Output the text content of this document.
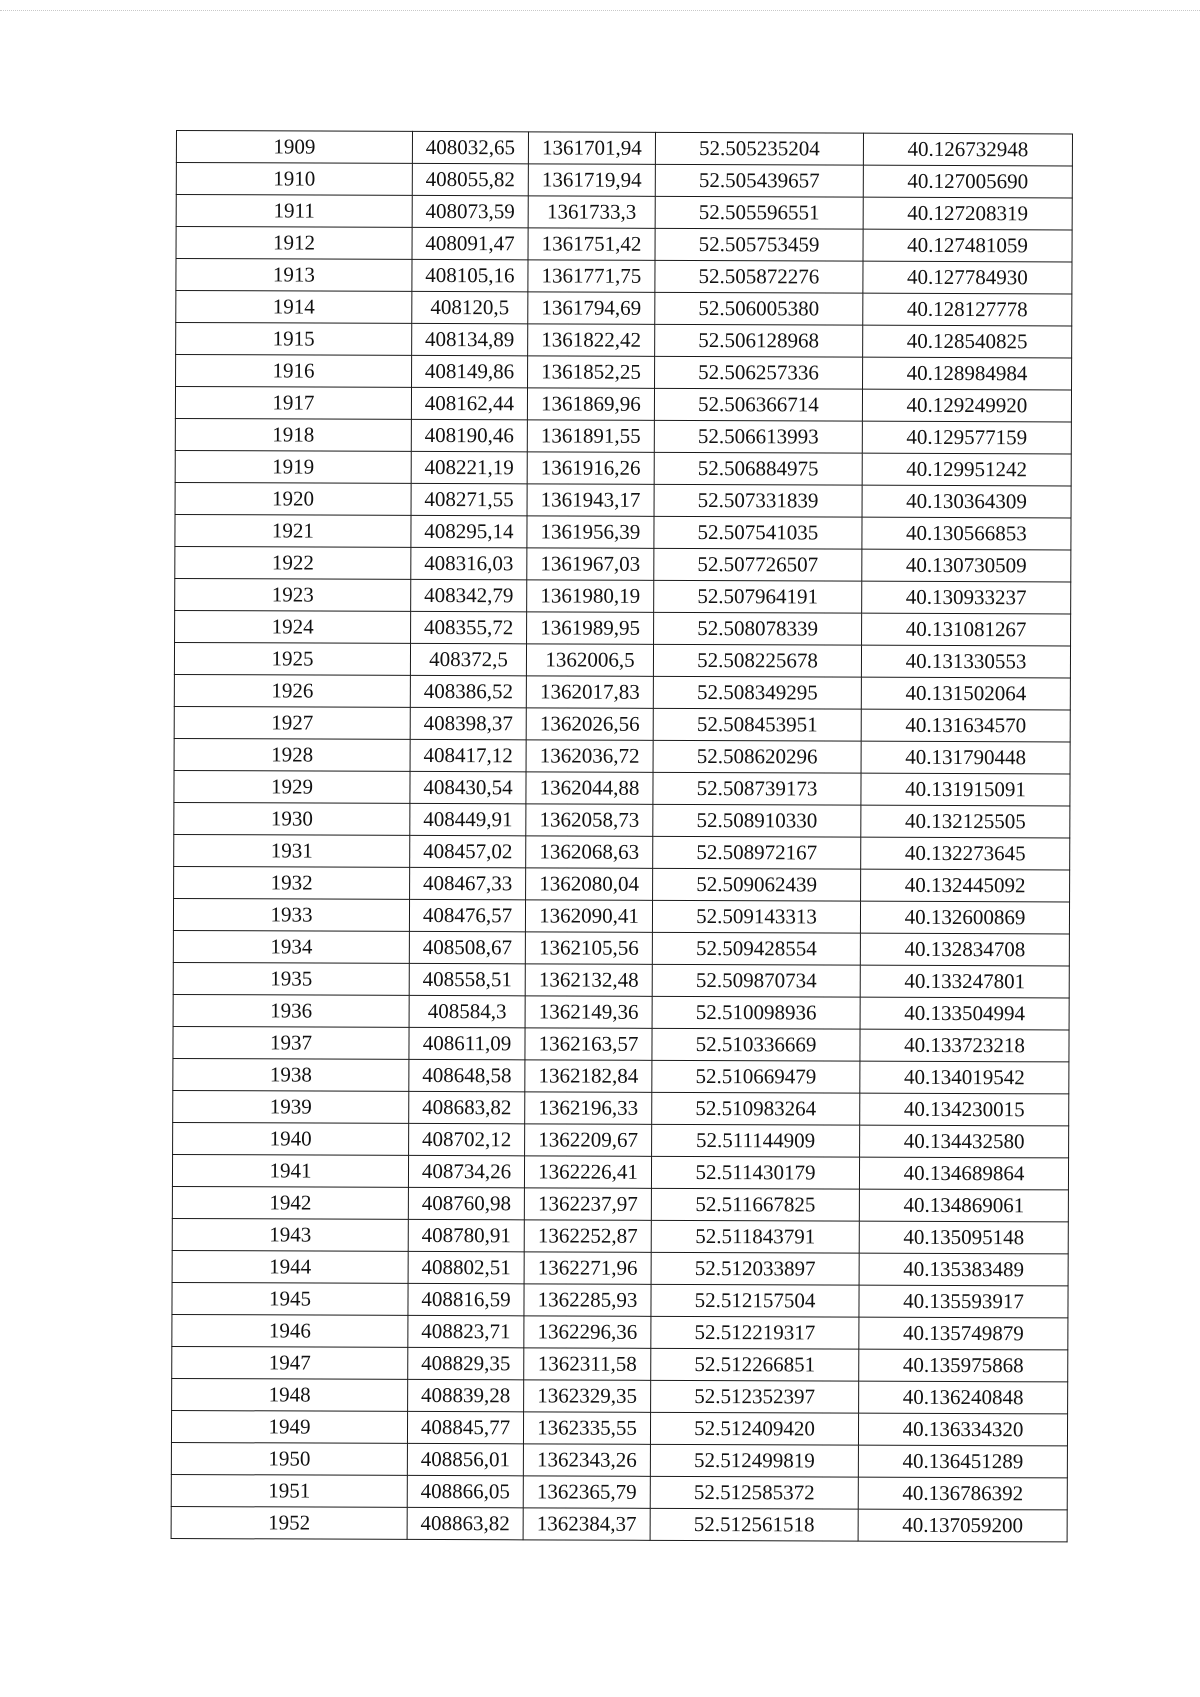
1909	408032,65	1361701,94	52.505235204	40.126732948
1910	408055,82	1361719,94	52.505439657	40.127005690
1911	408073,59	1361733,3	52.505596551	40.127208319
1912	408091,47	1361751,42	52.505753459	40.127481059
1913	408105,16	1361771,75	52.505872276	40.127784930
1914	408120,5	1361794,69	52.506005380	40.128127778
1915	408134,89	1361822,42	52.506128968	40.128540825
1916	408149,86	1361852,25	52.506257336	40.128984984
1917	408162,44	1361869,96	52.506366714	40.129249920
1918	408190,46	1361891,55	52.506613993	40.129577159
1919	408221,19	1361916,26	52.506884975	40.129951242
1920	408271,55	1361943,17	52.507331839	40.130364309
1921	408295,14	1361956,39	52.507541035	40.130566853
1922	408316,03	1361967,03	52.507726507	40.130730509
1923	408342,79	1361980,19	52.507964191	40.130933237
1924	408355,72	1361989,95	52.508078339	40.131081267
1925	408372,5	1362006,5	52.508225678	40.131330553
1926	408386,52	1362017,83	52.508349295	40.131502064
1927	408398,37	1362026,56	52.508453951	40.131634570
1928	408417,12	1362036,72	52.508620296	40.131790448
1929	408430,54	1362044,88	52.508739173	40.131915091
1930	408449,91	1362058,73	52.508910330	40.132125505
1931	408457,02	1362068,63	52.508972167	40.132273645
1932	408467,33	1362080,04	52.509062439	40.132445092
1933	408476,57	1362090,41	52.509143313	40.132600869
1934	408508,67	1362105,56	52.509428554	40.132834708
1935	408558,51	1362132,48	52.509870734	40.133247801
1936	408584,3	1362149,36	52.510098936	40.133504994
1937	408611,09	1362163,57	52.510336669	40.133723218
1938	408648,58	1362182,84	52.510669479	40.134019542
1939	408683,82	1362196,33	52.510983264	40.134230015
1940	408702,12	1362209,67	52.511144909	40.134432580
1941	408734,26	1362226,41	52.511430179	40.134689864
1942	408760,98	1362237,97	52.511667825	40.134869061
1943	408780,91	1362252,87	52.511843791	40.135095148
1944	408802,51	1362271,96	52.512033897	40.135383489
1945	408816,59	1362285,93	52.512157504	40.135593917
1946	408823,71	1362296,36	52.512219317	40.135749879
1947	408829,35	1362311,58	52.512266851	40.135975868
1948	408839,28	1362329,35	52.512352397	40.136240848
1949	408845,77	1362335,55	52.512409420	40.136334320
1950	408856,01	1362343,26	52.512499819	40.136451289
1951	408866,05	1362365,79	52.512585372	40.136786392
1952	408863,82	1362384,37	52.512561518	40.137059200
